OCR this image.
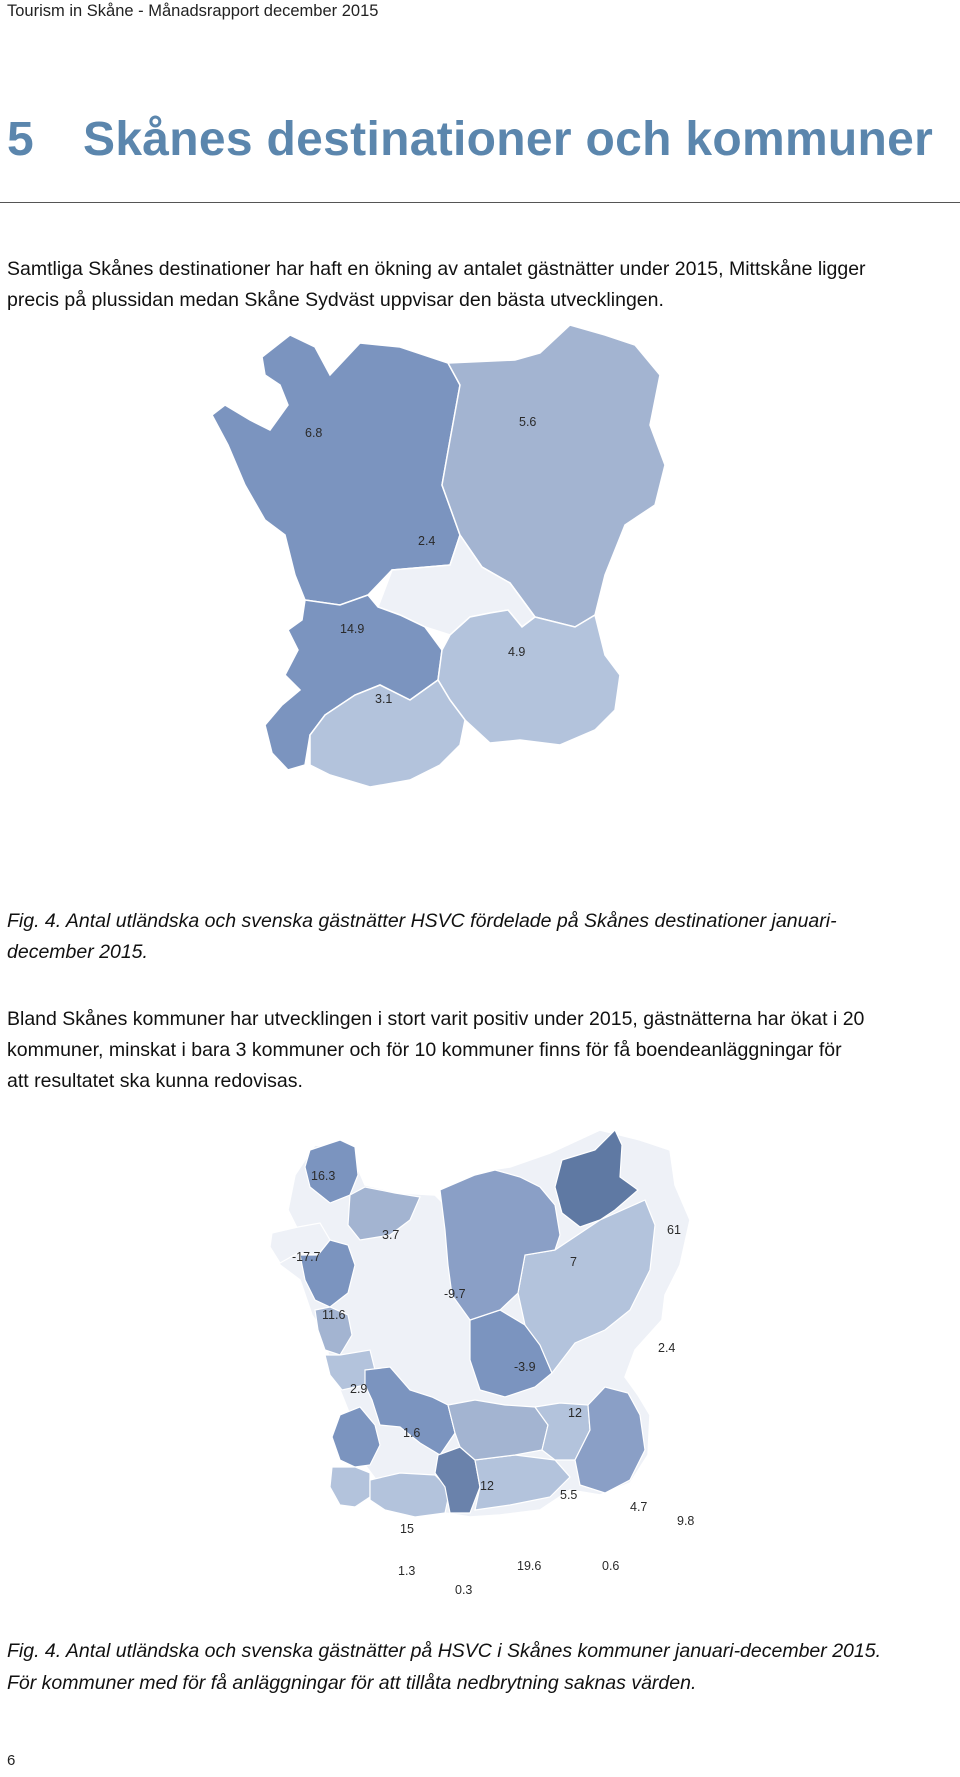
Tourism in Skåne - Månadsrapport december 2015
5 Skånes destinationer och kommuner

Samtliga Skånes destinationer har haft en ökning av antalet gästnätter under 2015, Mittskåne ligger

precis på plussidan medan Skåne Sydväst uppvisar den bästa utvecklingen.

6.8
5.6
2.4
14.9
4.9
3.1

Fig. 4. Antal utländska och svenska gästnätter HSVC fördelade på Skånes destinationer januari-

december 2015.

Bland Skånes kommuner har utvecklingen i stort varit positiv under 2015, gästnätterna har ökat i 20

kommuner, minskat i bara 3 kommuner och för 10 kommuner finns för få boendeanläggningar för

att resultatet ska kunna redovisas.

16.3
3.7
-17.7
11.6
-9.7
7
61
2.4
-3.9
2.9
12
1.6
12
5.5
4.7
9.8
15
1.3
0.3
19.6	0.6

Fig. 4. Antal utländska och svenska gästnätter på HSVC i Skånes kommuner januari-december 2015.

För kommuner med för få anläggningar för att tillåta nedbrytning saknas värden.

6
